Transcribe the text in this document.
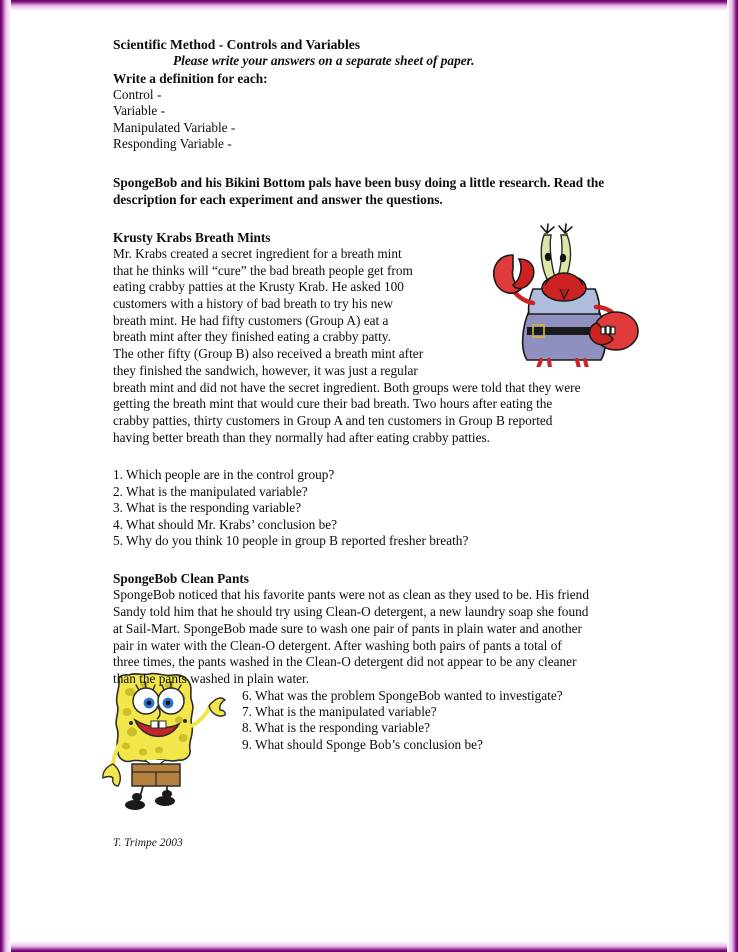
Scientific Method - Controls and Variables
Please write your answers on a separate sheet of paper.
Write a definition for each:
Control -
Variable -
Manipulated Variable -
Responding Variable -
SpongeBob and his Bikini Bottom pals have been busy doing a little research. Read the description for each experiment and answer the questions.
Krusty Krabs Breath Mints
Mr. Krabs created a secret ingredient for a breath mint
that he thinks will “cure” the bad breath people get from
eating crabby patties at the Krusty Krab. He asked 100
customers with a history of bad breath to try his new
breath mint. He had fifty customers (Group A) eat a
breath mint after they finished eating a crabby patty.
The other fifty (Group B) also received a breath mint after
they finished the sandwich, however, it was just a regular
breath mint and did not have the secret ingredient. Both groups were told that they were
getting the breath mint that would cure their bad breath. Two hours after eating the
crabby patties, thirty customers in Group A and ten customers in Group B reported
having better breath than they normally had after eating crabby patties.
1. Which people are in the control group?
2. What is the manipulated variable?
3. What is the responding variable?
4. What should Mr. Krabs’ conclusion be?
5. Why do you think 10 people in group B reported fresher breath?
SpongeBob Clean Pants
SpongeBob noticed that his favorite pants were not as clean as they used to be. His friend
Sandy told him that he should try using Clean-O detergent, a new laundry soap she found
at Sail-Mart. SpongeBob made sure to wash one pair of pants in plain water and another
pair in water with the Clean-O detergent. After washing both pairs of pants a total of
three times, the pants washed in the Clean-O detergent did not appear to be any cleaner
than the pants washed in plain water.
6. What was the problem SpongeBob wanted to investigate?
7. What is the manipulated variable?
8. What is the responding variable?
9. What should Sponge Bob’s conclusion be?
T. Trimpe 2003
